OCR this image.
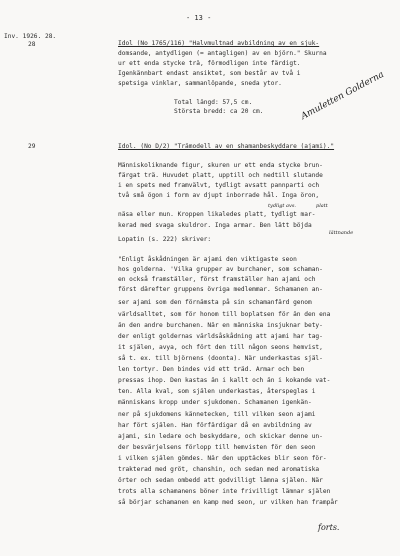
- 13 -
Inv. 1926. 28.
28	Idol (No 1765/116) "Halvmultnad avbildning av en sjuk-
domsande, antydligen (= antagligen) av en björn." Skurna
ur ett enda stycke trä, förmodligen inte färdigt.
Igenkännbart endast ansiktet, som består av två i
spetsiga vinklar, sammanlöpande, sneda ytor.
Total längd: 57,5 cm.
Största bredd: ca 20 cm.	Amuletten Golderna
29	Idol. (No D/2) "Trämodell av en shamanbeskyddare (ajami)."
Människoliknande figur, skuren ur ett enda stycke brun-
färgat trä. Huvudet platt, upptill och nedtill slutande
i en spets med framvälvt, tydligt avsatt pannparti och
två små ögon i form av djupt inborrade hål. Inga öron,
näsa eller mun. Kroppen likaledes platt, tydligt mar-
kerad med svaga skuldror. Inga armar. Ben lätt böjda
Lopatin (s. 222) skriver:
platt
lättnande
tydligt avs.
"Enligt åskådningen är ajami den viktigaste seon
hos golderna. 'Vilka grupper av burchaner, som schaman-
en också framställer, först framställer han ajami och
först därefter gruppens övriga medlemmar. Schamanen an-
ser ajami som den förnämsta på sin schamanfärd genom
världsalltet, som för honom till boplatsen för än den ena
än den andre burchanen. När en människa insjuknar bety-
der enligt goldernas världsåskådning att ajami har tag-
it själen, avya, och fört den till någon seons hemvist,
så t. ex. till björnens (doonta). När underkastas själ-
len tortyr. Den bindes vid ett träd. Armar och ben
pressas ihop. Den kastas än i kallt och än i kokande vat-
ten. Alla kval, som själen underkastas, återspeglas i
människans kropp under sjukdomen. Schamanen igenkän-
ner på sjukdomens kännetecken, till vilken seon ajami
har fört själen. Han förfärdigar då en avbildning av
ajami, sin ledare och beskyddare, och skickar denne un-
der besvärjelsens förlopp till hemvisten för den seon
i vilken själen gömdes. När den upptäckes blir seon för-
trakterad med gröt, chanshin, och sedan med aromatiska
örter och sedan ombedd att godvilligt lämna själen. När
trots alla schamanens böner inte frivilligt lämnar själen
så börjar schamanen en kamp med seon, ur vilken han frampår
forts.
